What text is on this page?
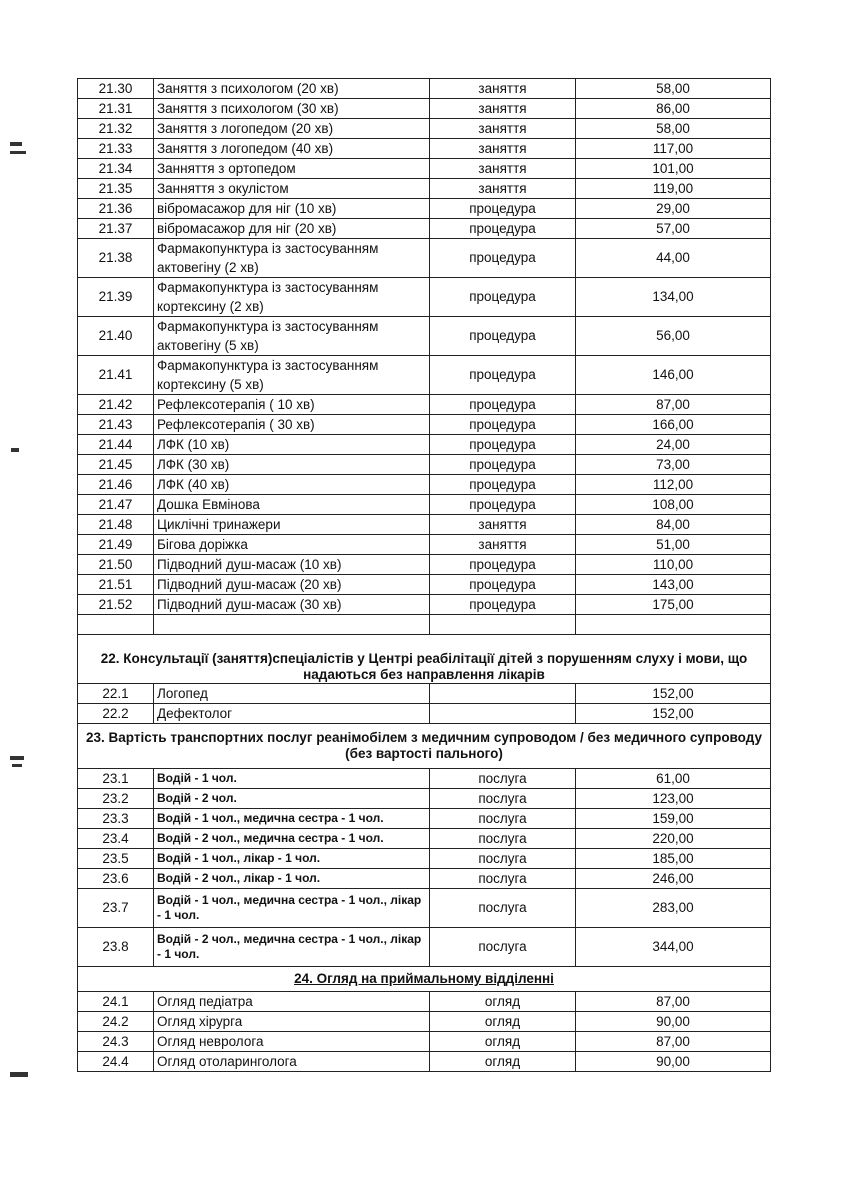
21.30	Заняття з психологом (20 хв)	заняття	58,00
21.31	Заняття з психологом (30 хв)	заняття	86,00
21.32	Заняття з логопедом (20 хв)	заняття	58,00
21.33	Заняття з логопедом (40 хв)	заняття	117,00
21.34	Занняття з ортопедом	заняття	101,00
21.35	Занняття з окулістом	заняття	119,00
21.36	вібромасажор для ніг (10 хв)	процедура	29,00
21.37	вібромасажор для ніг (20 хв)	процедура	57,00
21.38	Фармакопунктура із застосуванням актовегіну (2 хв)	процедура	44,00
21.39	Фармакопунктура із застосуванням кортексину (2 хв)	процедура	134,00
21.40	Фармакопунктура із застосуванням актовегіну (5 хв)	процедура	56,00
21.41	Фармакопунктура із застосуванням кортексину (5 хв)	процедура	146,00
21.42	Рефлексотерапія ( 10 хв)	процедура	87,00
21.43	Рефлексотерапія ( 30 хв)	процедура	166,00
21.44	ЛФК (10 хв)	процедура	24,00
21.45	ЛФК (30 хв)	процедура	73,00
21.46	ЛФК (40 хв)	процедура	112,00
21.47	Дошка Евмінова	процедура	108,00
21.48	Циклічні тринажери	заняття	84,00
21.49	Бігова доріжка	заняття	51,00
21.50	Підводний душ-масаж (10 хв)	процедура	110,00
21.51	Підводний душ-масаж (20 хв)	процедура	143,00
21.52	Підводний душ-масаж (30 хв)	процедура	175,00

22. Консультації (заняття)спеціалістів у Центрі реабілітації дітей з порушенням слуху і мови, що надаються без направлення лікарів			
22.1	Логопед		152,00
22.2	Дефектолог		152,00
23. Вартість транспортних послуг реанімобілем з медичним супроводом / без медичного супроводу (без вартості пального)			
23.1	Водій - 1 чол.	послуга	61,00
23.2	Водій - 2 чол.	послуга	123,00
23.3	Водій - 1 чол., медична сестра - 1 чол.	послуга	159,00
23.4	Водій - 2 чол., медична сестра - 1 чол.	послуга	220,00
23.5	Водій - 1 чол., лікар - 1 чол.	послуга	185,00
23.6	Водій - 2 чол., лікар - 1 чол.	послуга	246,00
23.7	Водій - 1 чол., медична сестра - 1 чол., лікар - 1 чол.	послуга	283,00
23.8	Водій - 2 чол., медична сестра - 1 чол., лікар - 1 чол.	послуга	344,00
24. Огляд на приймальному відділенні			
24.1	Огляд педіатра	огляд	87,00
24.2	Огляд хірурга	огляд	90,00
24.3	Огляд невролога	огляд	87,00
24.4	Огляд отоларинголога	огляд	90,00
